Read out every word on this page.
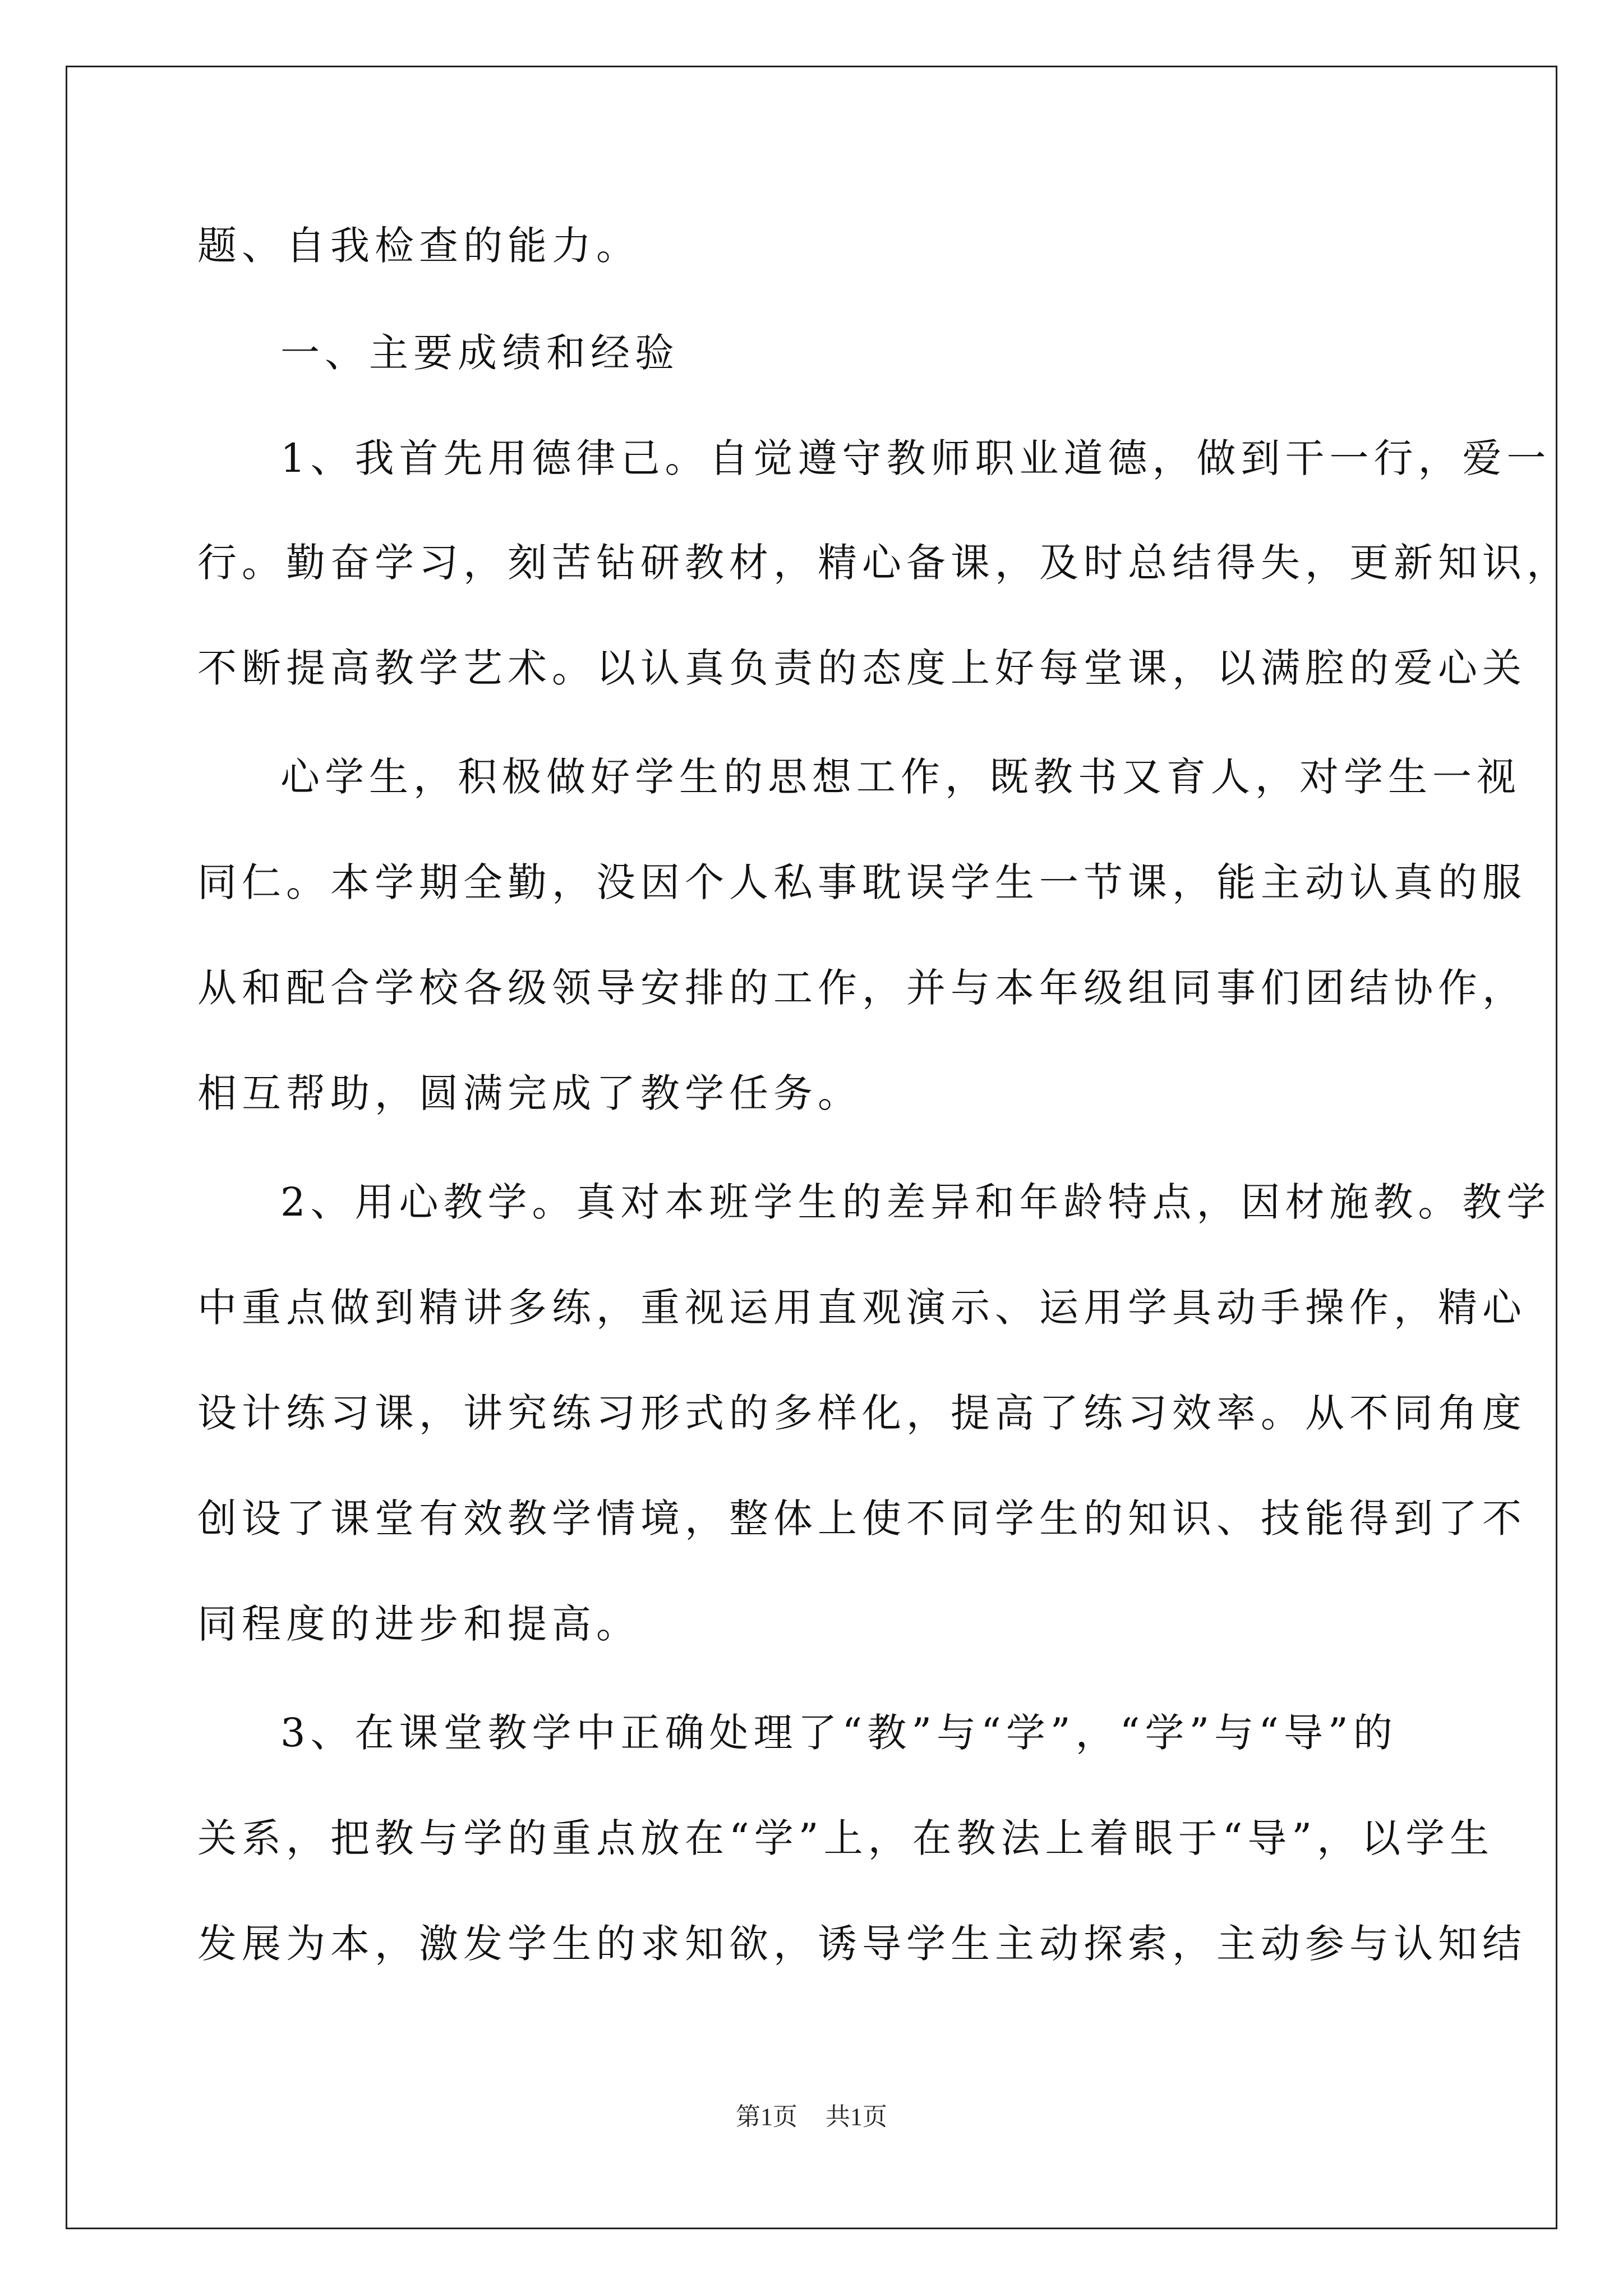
题、自我检查的能力。
一、主要成绩和经验
1、我首先用德律己。自觉遵守教师职业道德，做到干一行，爱一
行。勤奋学习，刻苦钻研教材，精心备课，及时总结得失，更新知识，
不断提高教学艺术。以认真负责的态度上好每堂课，以满腔的爱心关
心学生，积极做好学生的思想工作，既教书又育人，对学生一视
同仁。本学期全勤，没因个人私事耽误学生一节课，能主动认真的服
从和配合学校各级领导安排的工作，并与本年级组同事们团结协作，
相互帮助，圆满完成了教学任务。
2、用心教学。真对本班学生的差异和年龄特点，因材施教。教学
中重点做到精讲多练，重视运用直观演示、运用学具动手操作，精心
设计练习课，讲究练习形式的多样化，提高了练习效率。从不同角度
创设了课堂有效教学情境，整体上使不同学生的知识、技能得到了不
同程度的进步和提高。
3、在课堂教学中正确处理了“教”与“学”，“学”与“导”的
关系，把教与学的重点放在“学”上，在教法上着眼于“导”，以学生
发展为本，激发学生的求知欲，诱导学生主动探索，主动参与认知结
第1页 共1页
